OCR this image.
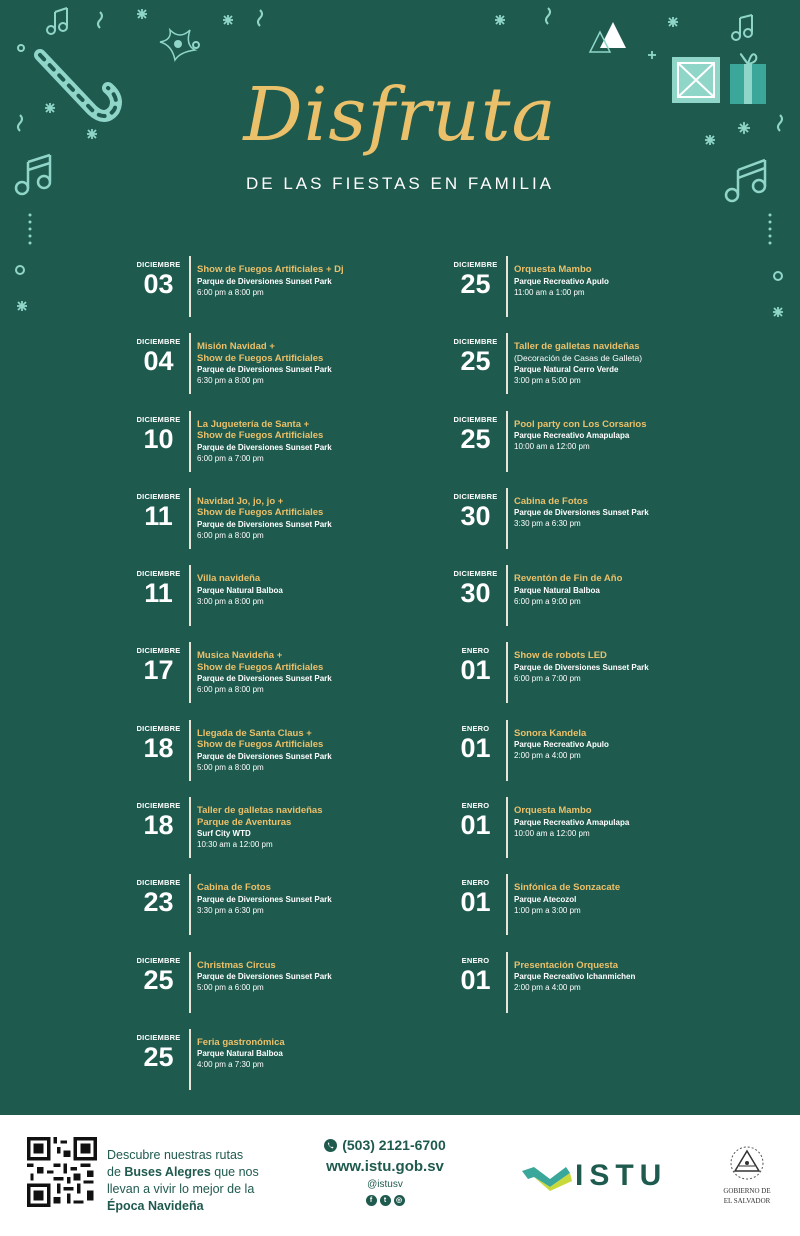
Disfruta
DE LAS FIESTAS EN FAMILIA
DICIEMBRE
03	Show de Fuegos Artificiales + Dj
Parque de Diversiones Sunset Park
6:00 pm a 8:00 pm
DICIEMBRE
04	Misión Navidad +
Show de Fuegos Artificiales
Parque de Diversiones Sunset Park
6:30 pm a 8:00 pm
DICIEMBRE
10	La Juguetería de Santa +
Show de Fuegos Artificiales
Parque de Diversiones Sunset Park
6:00 pm a 7:00 pm
DICIEMBRE
11	Navidad Jo, jo, jo +
Show de Fuegos Artificiales
Parque de Diversiones Sunset Park
6:00 pm a 8:00 pm
DICIEMBRE
11	Villa navideña
Parque Natural Balboa
3:00 pm a 8:00 pm
DICIEMBRE
17	Musica Navideña +
Show de Fuegos Artificiales
Parque de Diversiones Sunset Park
6:00 pm a 8:00 pm
DICIEMBRE
18	Llegada de Santa Claus +
Show de Fuegos Artificiales
Parque de Diversiones Sunset Park
5:00 pm a 8:00 pm
DICIEMBRE
18	Taller de galletas navideñas
Parque de Aventuras
Surf City WTD
10:30 am a 12:00 pm
DICIEMBRE
23	Cabina de Fotos
Parque de Diversiones Sunset Park
3:30 pm a 6:30 pm
DICIEMBRE
25	Christmas Circus
Parque de Diversiones Sunset Park
5:00 pm a 6:00 pm
DICIEMBRE
25	Feria gastronómica
Parque Natural Balboa
4:00 pm a 7:30 pm
DICIEMBRE
25	Orquesta Mambo
Parque Recreativo Apulo
11:00 am a 1:00 pm
DICIEMBRE
25	Taller de galletas navideñas
(Decoración de Casas de Galleta)
Parque Natural Cerro Verde
3:00 pm a 5:00 pm
DICIEMBRE
25	Pool party con Los Corsarios
Parque Recreativo Amapulapa
10:00 am a 12:00 pm
DICIEMBRE
30	Cabina de Fotos
Parque de Diversiones Sunset Park
3:30 pm a 6:30 pm
DICIEMBRE
30	Reventón de Fin de Año
Parque Natural Balboa
6:00 pm a 9:00 pm
ENERO
01	Show de robots LED
Parque de Diversiones Sunset Park
6:00 pm a 7:00 pm
ENERO
01	Sonora Kandela
Parque Recreativo Apulo
2:00 pm a 4:00 pm
ENERO
01	Orquesta Mambo
Parque Recreativo Amapulapa
10:00 am a 12:00 pm
ENERO
01	Sinfónica de Sonzacate
Parque Atecozol
1:00 pm a 3:00 pm
ENERO
01	Presentación Orquesta
Parque Recreativo Ichanmichen
2:00 pm a 4:00 pm
Descubre nuestras rutas
de Buses Alegres que nos
llevan a vivir lo mejor de la
Época Navideña
(503) 2121-6700
www.istu.gob.sv
@istusv
f	t	◎
ISTU	GOBIERNO DE
EL SALVADOR
